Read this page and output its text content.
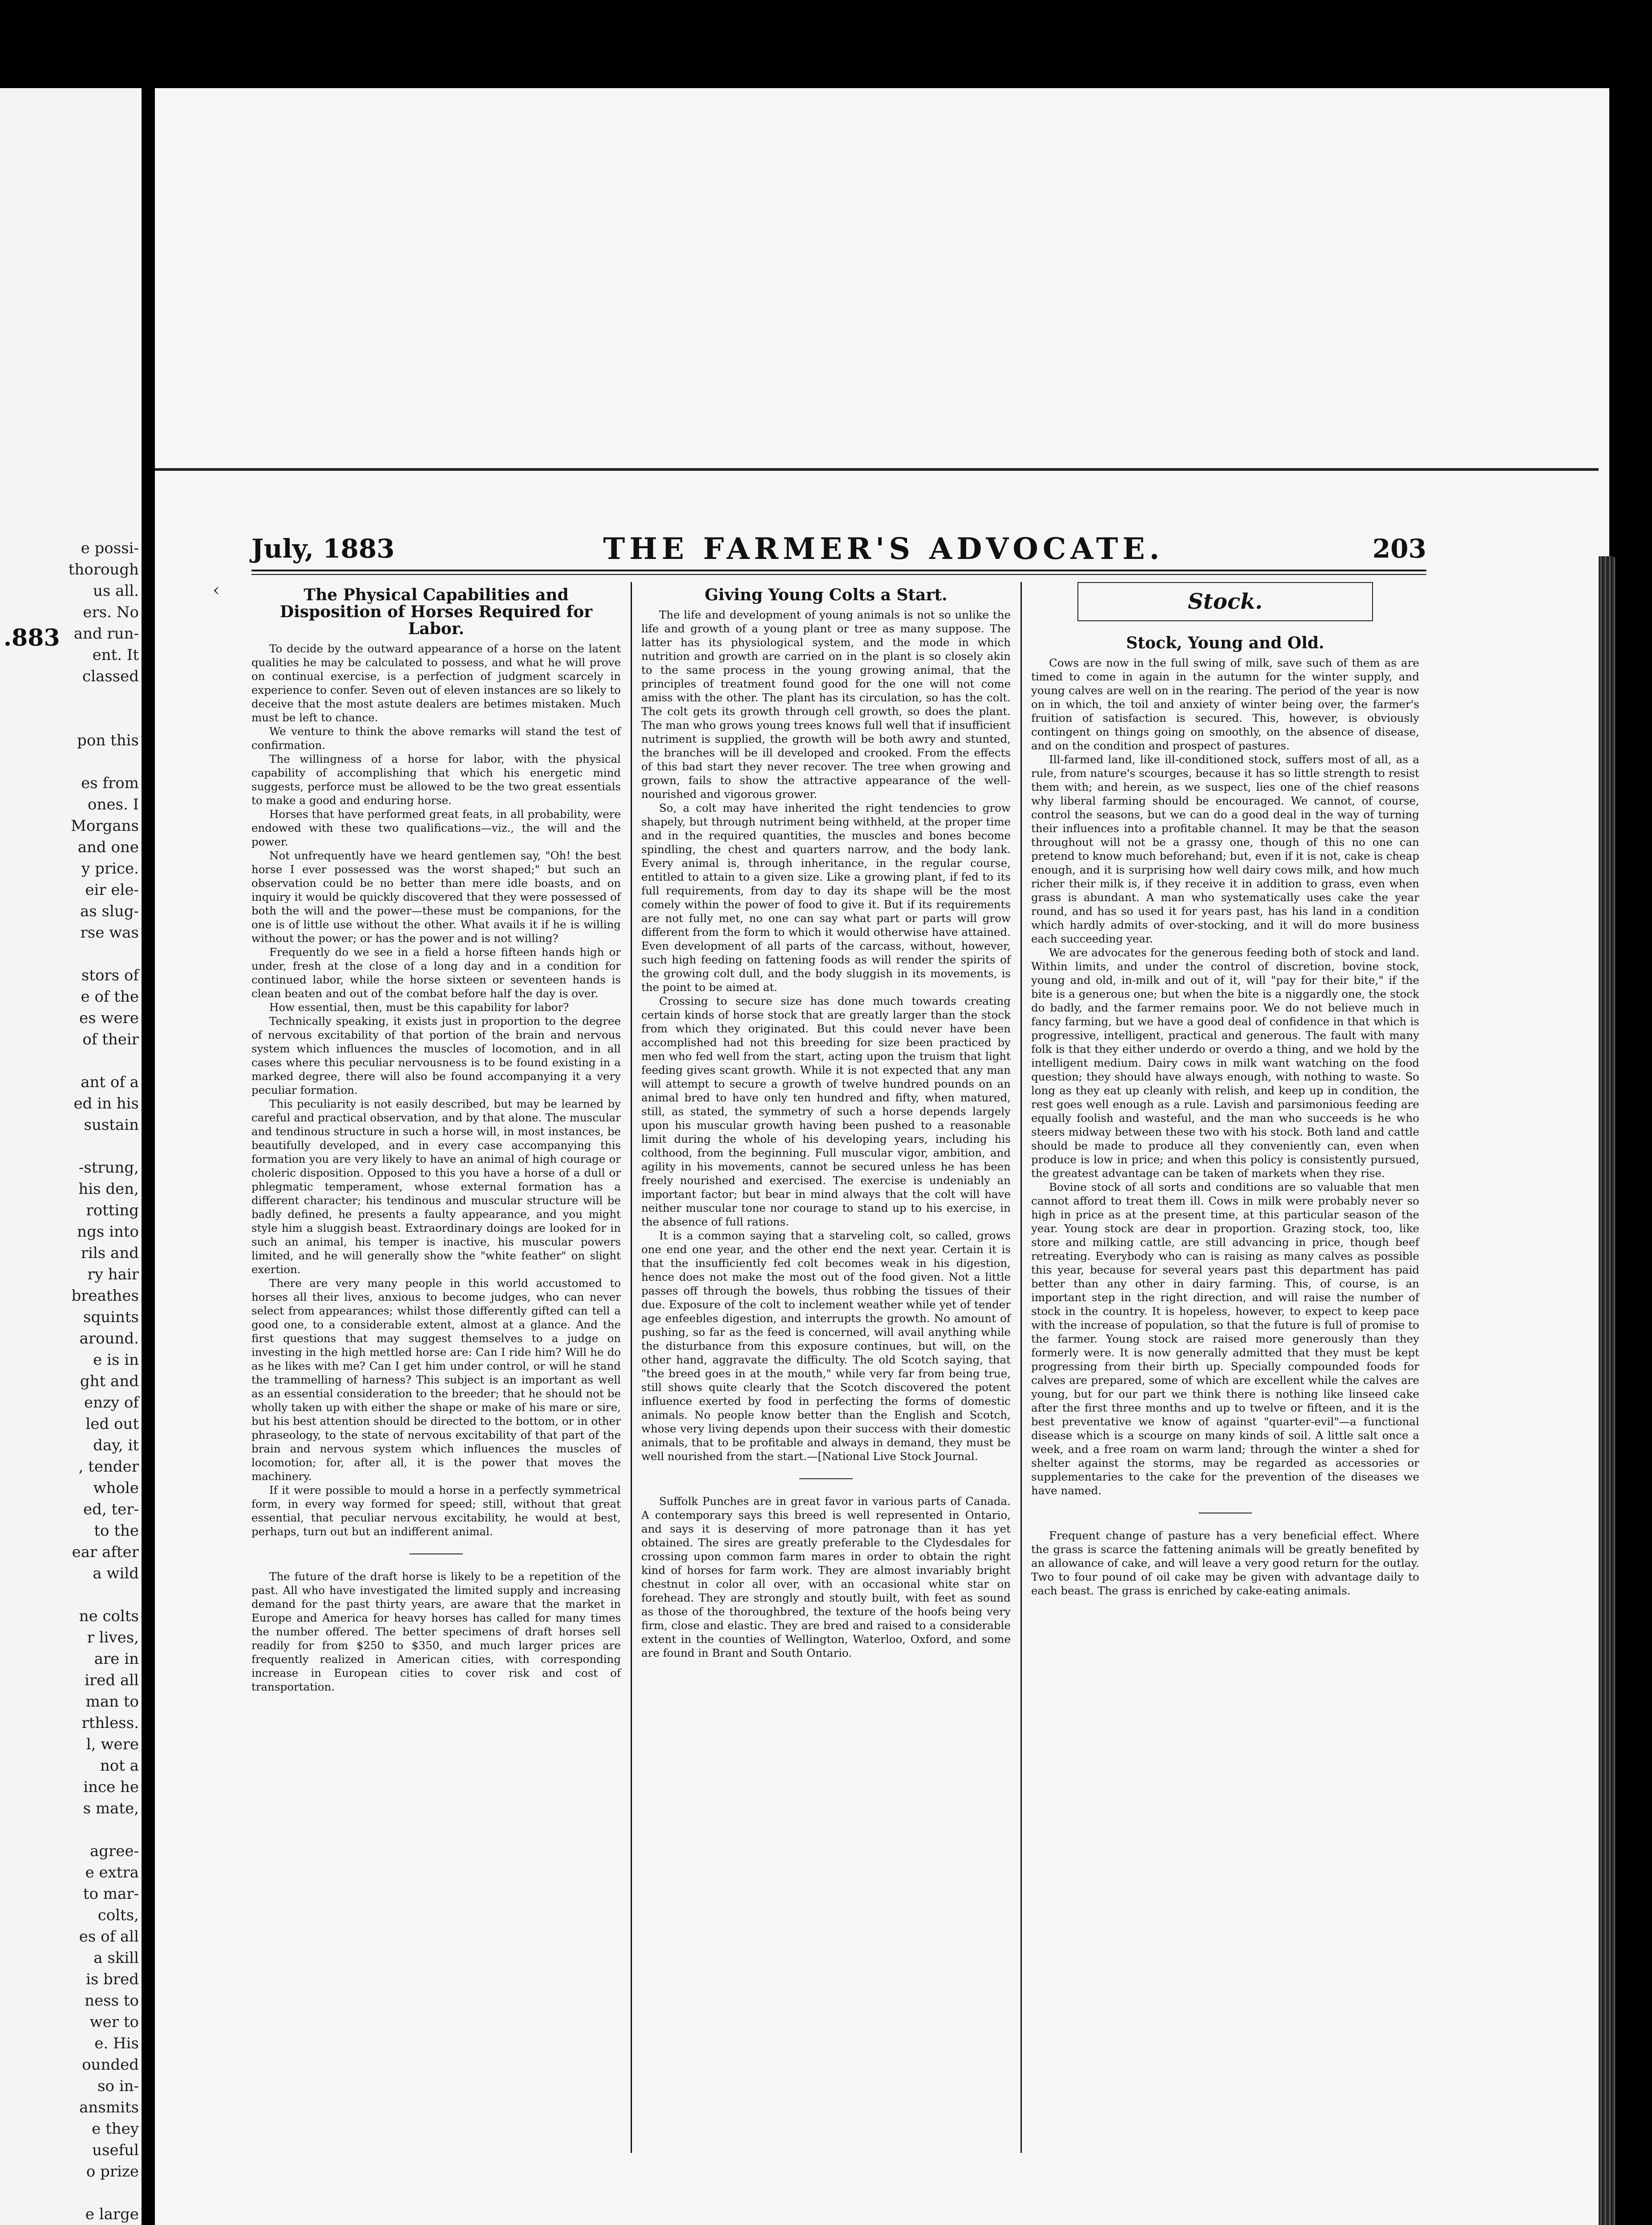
.883
e possi-
thorough
us all.
ers. No
and run-
ent. It
classed

pon this

es from
ones. I
Morgans
and one
y price.
eir ele-
as slug-
rse was

stors of
e of the
es were
of their

ant of a
ed in his
sustain

-strung,
his den,
rotting
ngs into
rils and
ry hair
breathes
squints
around.
e is in
ght and
enzy of
led out
day, it
, tender
whole
ed, ter-
to the
ear after
a wild

ne colts
r lives,
are in
ired all
man to
rthless.
l, were
not a
ince he
s mate,

agree-
e extra
to mar-
colts,
es of all
a skill
is bred
ness to
wer to
e. His
ounded
so in-
ansmits
e they
useful
o prize

e large

‹
July, 1883	THE FARMER'S ADVOCATE.	203
The Physical Capabilities and Disposition of Horses Required for Labor.

To decide by the outward appearance of a horse on the latent qualities he may be calculated to possess, and what he will prove on continual exercise, is a perfection of judgment scarcely in experience to confer. Seven out of eleven instances are so likely to deceive that the most astute dealers are betimes mistaken. Much must be left to chance.

We venture to think the above remarks will stand the test of confirmation.

The willingness of a horse for labor, with the physical capability of accomplishing that which his energetic mind suggests, perforce must be allowed to be the two great essentials to make a good and enduring horse.

Horses that have performed great feats, in all probability, were endowed with these two qualifications—viz., the will and the power.

Not unfrequently have we heard gentlemen say, "Oh! the best horse I ever possessed was the worst shaped;" but such an observation could be no better than mere idle boasts, and on inquiry it would be quickly discovered that they were possessed of both the will and the power—these must be companions, for the one is of little use without the other. What avails it if he is willing without the power; or has the power and is not willing?

Frequently do we see in a field a horse fifteen hands high or under, fresh at the close of a long day and in a condition for continued labor, while the horse sixteen or seventeen hands is clean beaten and out of the combat before half the day is over.

How essential, then, must be this capability for labor?

Technically speaking, it exists just in proportion to the degree of nervous excitability of that portion of the brain and nervous system which influences the muscles of locomotion, and in all cases where this peculiar nervousness is to be found existing in a marked degree, there will also be found accompanying it a very peculiar formation.

This peculiarity is not easily described, but may be learned by careful and practical observation, and by that alone. The muscular and tendinous structure in such a horse will, in most instances, be beautifully developed, and in every case accompanying this formation you are very likely to have an animal of high courage or choleric disposition. Opposed to this you have a horse of a dull or phlegmatic temperament, whose external formation has a different character; his tendinous and muscular structure will be badly defined, he presents a faulty appearance, and you might style him a sluggish beast. Extraordinary doings are looked for in such an animal, his temper is inactive, his muscular powers limited, and he will generally show the "white feather" on slight exertion.

There are very many people in this world accustomed to horses all their lives, anxious to become judges, who can never select from appearances; whilst those differently gifted can tell a good one, to a considerable extent, almost at a glance. And the first questions that may suggest themselves to a judge on investing in the high mettled horse are: Can I ride him? Will he do as he likes with me? Can I get him under control, or will he stand the trammelling of harness? This subject is an important as well as an essential consideration to the breeder; that he should not be wholly taken up with either the shape or make of his mare or sire, but his best attention should be directed to the bottom, or in other phraseology, to the state of nervous excitability of that part of the brain and nervous system which influences the muscles of locomotion; for, after all, it is the power that moves the machinery.

If it were possible to mould a horse in a perfectly symmetrical form, in every way formed for speed; still, without that great essential, that peculiar nervous excitability, he would at best, perhaps, turn out but an indifferent animal.

The future of the draft horse is likely to be a repetition of the past. All who have investigated the limited supply and increasing demand for the past thirty years, are aware that the market in Europe and America for heavy horses has called for many times the number offered. The better specimens of draft horses sell readily for from $250 to $350, and much larger prices are frequently realized in American cities, with corresponding increase in European cities to cover risk and cost of transportation.

Giving Young Colts a Start.

The life and development of young animals is not so unlike the life and growth of a young plant or tree as many suppose. The latter has its physiological system, and the mode in which nutrition and growth are carried on in the plant is so closely akin to the same process in the young growing animal, that the principles of treatment found good for the one will not come amiss with the other. The plant has its circulation, so has the colt. The colt gets its growth through cell growth, so does the plant. The man who grows young trees knows full well that if insufficient nutriment is supplied, the growth will be both awry and stunted, the branches will be ill developed and crooked. From the effects of this bad start they never recover. The tree when growing and grown, fails to show the attractive appearance of the well-nourished and vigorous grower.

So, a colt may have inherited the right tendencies to grow shapely, but through nutriment being withheld, at the proper time and in the required quantities, the muscles and bones become spindling, the chest and quarters narrow, and the body lank. Every animal is, through inheritance, in the regular course, entitled to attain to a given size. Like a growing plant, if fed to its full requirements, from day to day its shape will be the most comely within the power of food to give it. But if its requirements are not fully met, no one can say what part or parts will grow different from the form to which it would otherwise have attained. Even development of all parts of the carcass, without, however, such high feeding on fattening foods as will render the spirits of the growing colt dull, and the body sluggish in its movements, is the point to be aimed at.

Crossing to secure size has done much towards creating certain kinds of horse stock that are greatly larger than the stock from which they originated. But this could never have been accomplished had not this breeding for size been practiced by men who fed well from the start, acting upon the truism that light feeding gives scant growth. While it is not expected that any man will attempt to secure a growth of twelve hundred pounds on an animal bred to have only ten hundred and fifty, when matured, still, as stated, the symmetry of such a horse depends largely upon his muscular growth having been pushed to a reasonable limit during the whole of his developing years, including his colthood, from the beginning. Full muscular vigor, ambition, and agility in his movements, cannot be secured unless he has been freely nourished and exercised. The exercise is undeniably an important factor; but bear in mind always that the colt will have neither muscular tone nor courage to stand up to his exercise, in the absence of full rations.

It is a common saying that a starveling colt, so called, grows one end one year, and the other end the next year. Certain it is that the insufficiently fed colt becomes weak in his digestion, hence does not make the most out of the food given. Not a little passes off through the bowels, thus robbing the tissues of their due. Exposure of the colt to inclement weather while yet of tender age enfeebles digestion, and interrupts the growth. No amount of pushing, so far as the feed is concerned, will avail anything while the disturbance from this exposure continues, but will, on the other hand, aggravate the difficulty. The old Scotch saying, that "the breed goes in at the mouth," while very far from being true, still shows quite clearly that the Scotch discovered the potent influence exerted by food in perfecting the forms of domestic animals. No people know better than the English and Scotch, whose very living depends upon their success with their domestic animals, that to be profitable and always in demand, they must be well nourished from the start.—[National Live Stock Journal.

Suffolk Punches are in great favor in various parts of Canada. A contemporary says this breed is well represented in Ontario, and says it is deserving of more patronage than it has yet obtained. The sires are greatly preferable to the Clydesdales for crossing upon common farm mares in order to obtain the right kind of horses for farm work. They are almost invariably bright chestnut in color all over, with an occasional white star on forehead. They are strongly and stoutly built, with feet as sound as those of the thoroughbred, the texture of the hoofs being very firm, close and elastic. They are bred and raised to a considerable extent in the counties of Wellington, Waterloo, Oxford, and some are found in Brant and South Ontario.

Stock.
Stock, Young and Old.

Cows are now in the full swing of milk, save such of them as are timed to come in again in the autumn for the winter supply, and young calves are well on in the rearing. The period of the year is now on in which, the toil and anxiety of winter being over, the farmer's fruition of satisfaction is secured. This, however, is obviously contingent on things going on smoothly, on the absence of disease, and on the condition and prospect of pastures.

Ill-farmed land, like ill-conditioned stock, suffers most of all, as a rule, from nature's scourges, because it has so little strength to resist them with; and herein, as we suspect, lies one of the chief reasons why liberal farming should be encouraged. We cannot, of course, control the seasons, but we can do a good deal in the way of turning their influences into a profitable channel. It may be that the season throughout will not be a grassy one, though of this no one can pretend to know much beforehand; but, even if it is not, cake is cheap enough, and it is surprising how well dairy cows milk, and how much richer their milk is, if they receive it in addition to grass, even when grass is abundant. A man who systematically uses cake the year round, and has so used it for years past, has his land in a condition which hardly admits of over-stocking, and it will do more business each succeeding year.

We are advocates for the generous feeding both of stock and land. Within limits, and under the control of discretion, bovine stock, young and old, in-milk and out of it, will "pay for their bite," if the bite is a generous one; but when the bite is a niggardly one, the stock do badly, and the farmer remains poor. We do not believe much in fancy farming, but we have a good deal of confidence in that which is progressive, intelligent, practical and generous. The fault with many folk is that they either underdo or overdo a thing, and we hold by the intelligent medium. Dairy cows in milk want watching on the food question; they should have always enough, with nothing to waste. So long as they eat up cleanly with relish, and keep up in condition, the rest goes well enough as a rule. Lavish and parsimonious feeding are equally foolish and wasteful, and the man who succeeds is he who steers midway between these two with his stock. Both land and cattle should be made to produce all they conveniently can, even when produce is low in price; and when this policy is consistently pursued, the greatest advantage can be taken of markets when they rise.

Bovine stock of all sorts and conditions are so valuable that men cannot afford to treat them ill. Cows in milk were probably never so high in price as at the present time, at this particular season of the year. Young stock are dear in proportion. Grazing stock, too, like store and milking cattle, are still advancing in price, though beef retreating. Everybody who can is raising as many calves as possible this year, because for several years past this department has paid better than any other in dairy farming. This, of course, is an important step in the right direction, and will raise the number of stock in the country. It is hopeless, however, to expect to keep pace with the increase of population, so that the future is full of promise to the farmer. Young stock are raised more generously than they formerly were. It is now generally admitted that they must be kept progressing from their birth up. Specially compounded foods for calves are prepared, some of which are excellent while the calves are young, but for our part we think there is nothing like linseed cake after the first three months and up to twelve or fifteen, and it is the best preventative we know of against "quarter-evil"—a functional disease which is a scourge on many kinds of soil. A little salt once a week, and a free roam on warm land; through the winter a shed for shelter against the storms, may be regarded as accessories or supplementaries to the cake for the prevention of the diseases we have named.

Frequent change of pasture has a very beneficial effect. Where the grass is scarce the fattening animals will be greatly benefited by an allowance of cake, and will leave a very good return for the outlay. Two to four pound of oil cake may be given with advantage daily to each beast. The grass is enriched by cake-eating animals.
